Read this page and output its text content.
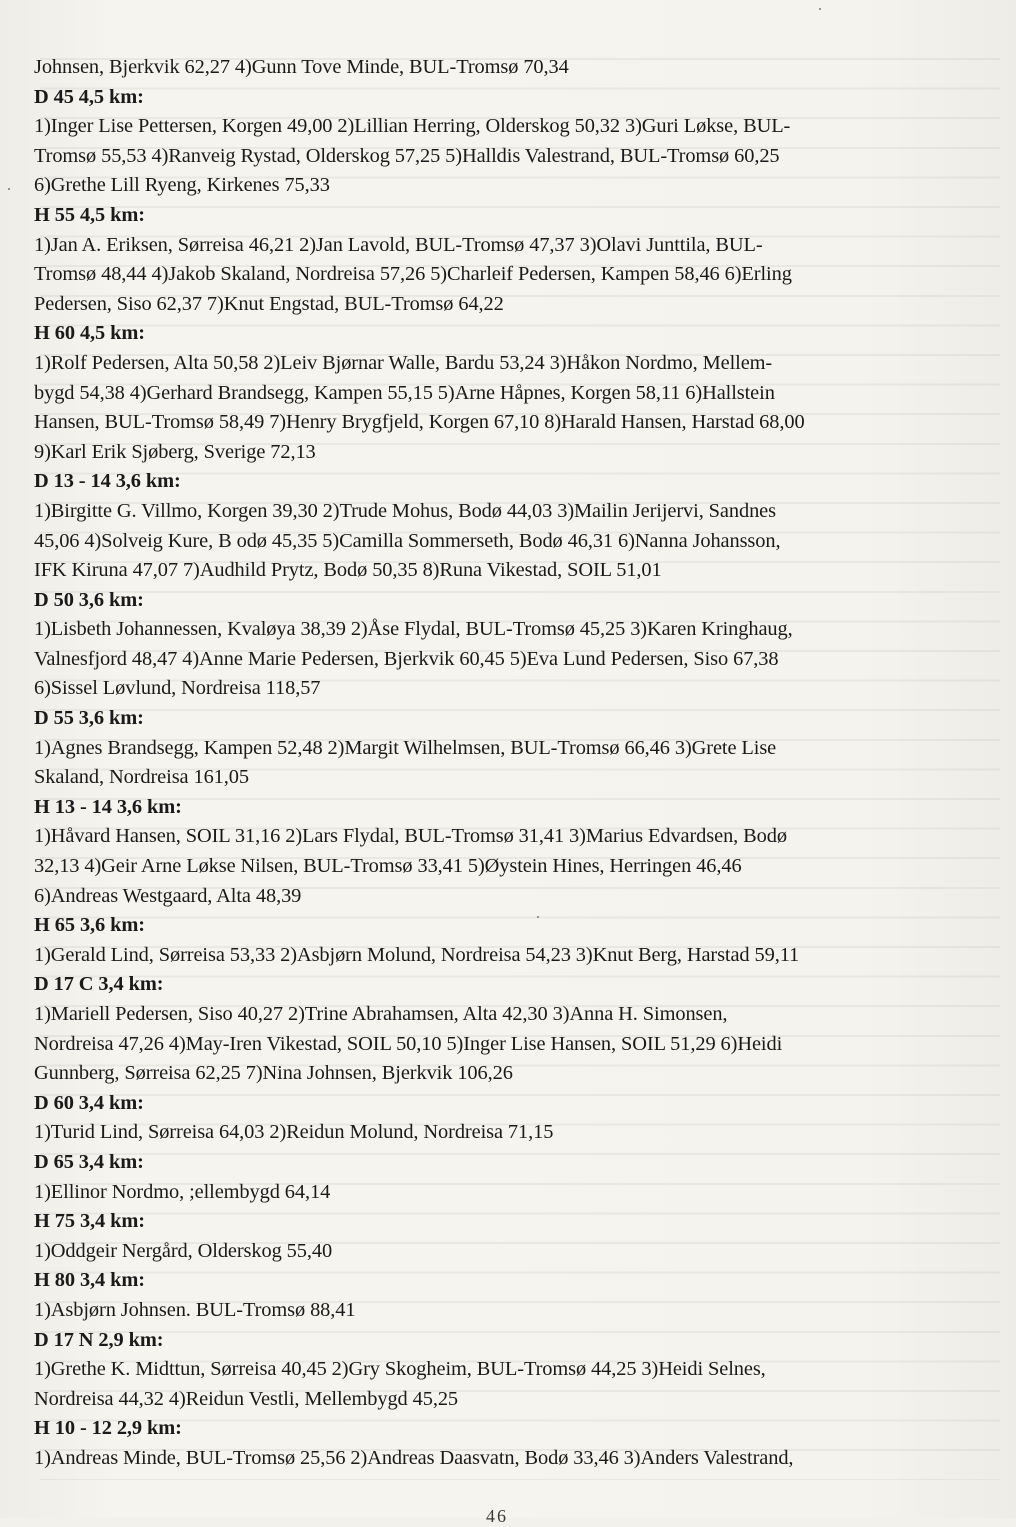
Johnsen, Bjerkvik 62,27 4)Gunn Tove Minde, BUL-Tromsø 70,34
D 45 4,5 km:
1)Inger Lise Pettersen, Korgen 49,00 2)Lillian Herring, Olderskog 50,32 3)Guri Løkse, BUL-
Tromsø 55,53 4)Ranveig Rystad, Olderskog 57,25 5)Halldis Valestrand, BUL-Tromsø 60,25
6)Grethe Lill Ryeng, Kirkenes 75,33
H 55 4,5 km:
1)Jan A. Eriksen, Sørreisa 46,21 2)Jan Lavold, BUL-Tromsø 47,37 3)Olavi Junttila, BUL-
Tromsø 48,44 4)Jakob Skaland, Nordreisa 57,26 5)Charleif Pedersen, Kampen 58,46 6)Erling
Pedersen, Siso 62,37 7)Knut Engstad, BUL-Tromsø 64,22
H 60 4,5 km:
1)Rolf Pedersen, Alta 50,58 2)Leiv Bjørnar Walle, Bardu 53,24 3)Håkon Nordmo, Mellem-
bygd 54,38 4)Gerhard Brandsegg, Kampen 55,15 5)Arne Håpnes, Korgen 58,11 6)Hallstein
Hansen, BUL-Tromsø 58,49 7)Henry Brygfjeld, Korgen 67,10 8)Harald Hansen, Harstad 68,00
9)Karl Erik Sjøberg, Sverige 72,13
D 13 - 14 3,6 km:
1)Birgitte G. Villmo, Korgen 39,30 2)Trude Mohus, Bodø 44,03 3)Mailin Jerijervi, Sandnes
45,06 4)Solveig Kure, B odø 45,35 5)Camilla Sommerseth, Bodø 46,31 6)Nanna Johansson,
IFK Kiruna 47,07 7)Audhild Prytz, Bodø 50,35 8)Runa Vikestad, SOIL 51,01
D 50 3,6 km:
1)Lisbeth Johannessen, Kvaløya 38,39 2)Åse Flydal, BUL-Tromsø 45,25 3)Karen Kringhaug,
Valnesfjord 48,47 4)Anne Marie Pedersen, Bjerkvik 60,45 5)Eva Lund Pedersen, Siso 67,38
6)Sissel Løvlund, Nordreisa 118,57
D 55 3,6 km:
1)Agnes Brandsegg, Kampen 52,48 2)Margit Wilhelmsen, BUL-Tromsø 66,46 3)Grete Lise
Skaland, Nordreisa 161,05
H 13 - 14 3,6 km:
1)Håvard Hansen, SOIL 31,16 2)Lars Flydal, BUL-Tromsø 31,41 3)Marius Edvardsen, Bodø
32,13 4)Geir Arne Løkse Nilsen, BUL-Tromsø 33,41 5)Øystein Hines, Herringen 46,46
6)Andreas Westgaard, Alta 48,39
H 65 3,6 km:
1)Gerald Lind, Sørreisa 53,33 2)Asbjørn Molund, Nordreisa 54,23 3)Knut Berg, Harstad 59,11
D 17 C 3,4 km:
1)Mariell Pedersen, Siso 40,27 2)Trine Abrahamsen, Alta 42,30 3)Anna H. Simonsen,
Nordreisa 47,26 4)May-Iren Vikestad, SOIL 50,10 5)Inger Lise Hansen, SOIL 51,29 6)Heidi
Gunnberg, Sørreisa 62,25 7)Nina Johnsen, Bjerkvik 106,26
D 60 3,4 km:
1)Turid Lind, Sørreisa 64,03 2)Reidun Molund, Nordreisa 71,15
D 65 3,4 km:
1)Ellinor Nordmo, ;ellembygd 64,14
H 75 3,4 km:
1)Oddgeir Nergård, Olderskog 55,40
H 80 3,4 km:
1)Asbjørn Johnsen. BUL-Tromsø 88,41
D 17 N 2,9 km:
1)Grethe K. Midttun, Sørreisa 40,45 2)Gry Skogheim, BUL-Tromsø 44,25 3)Heidi Selnes,
Nordreisa 44,32 4)Reidun Vestli, Mellembygd 45,25
H 10 - 12 2,9 km:
1)Andreas Minde, BUL-Tromsø 25,56 2)Andreas Daasvatn, Bodø 33,46 3)Anders Valestrand,
46
